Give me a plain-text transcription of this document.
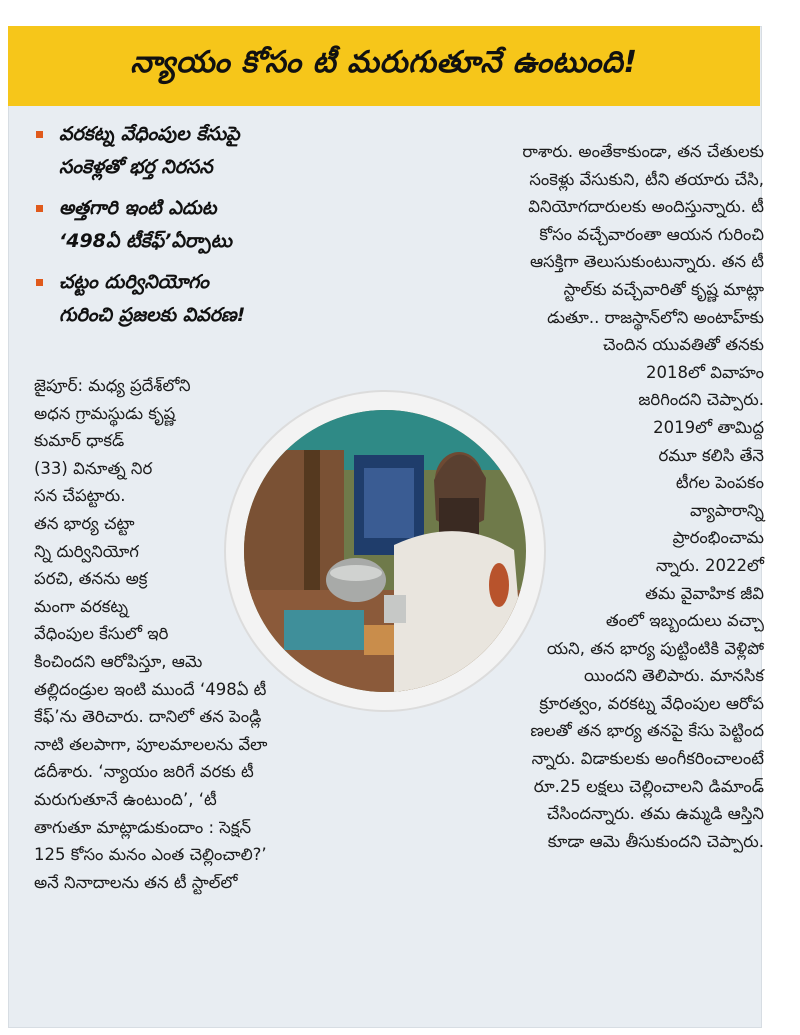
న్యాయం కోసం టీ మరుగుతూనే ఉంటుంది!
వరకట్న వేధింపుల కేసుపై
సంకెళ్లతో భర్త నిరసన
అత్తగారి ఇంటి ఎదుట
‘498ఏ టీకేఫ్’ఏర్పాటు
చట్టం దుర్వినియోగం
గురించి ప్రజలకు వివరణ!
జైపూర్: మధ్య ప్రదేశ్‌లోని
అధన గ్రామస్థుడు కృష్ణ
కుమార్ ధాకడ్
(33) వినూత్న నిర
సన చేపట్టారు.
తన భార్య చట్టా
న్ని దుర్వినియోగ
పరచి, తనను అక్ర
మంగా వరకట్న
వేధింపుల కేసులో ఇరి
కించిందని ఆరోపిస్తూ, ఆమె
తల్లిదండ్రుల ఇంటి ముందే ‘498ఏ టీ
కేఫ్’ను తెరిచారు. దానిలో తన పెండ్లి
నాటి తలపాగా, పూలమాలలను వేలా
డదీశారు. ‘న్యాయం జరిగే వరకు టీ
మరుగుతూనే ఉంటుంది’, ‘టీ
తాగుతూ మాట్లాడుకుందాం : సెక్షన్
125 కోసం మనం ఎంత చెల్లించాలి?’
అనే నినాదాలను తన టీ స్టాల్‌లో
రాశారు. అంతేకాకుండా, తన చేతులకు
సంకెళ్లు వేసుకుని, టీని తయారు చేసి,
వినియోగదారులకు అందిస్తున్నారు. టీ
కోసం వచ్చేవారంతా ఆయన గురించి
ఆసక్తిగా తెలుసుకుంటున్నారు. తన టీ
స్టాల్‌కు వచ్చేవారితో కృష్ణ మాట్లా
డుతూ.. రాజస్థాన్‌లోని అంటాహ్‌కు
చెందిన యువతితో తనకు
2018లో వివాహం
జరిగిందని చెప్పారు.
2019లో తామిద్ద
రమూ కలిసి తేనె
టీగల పెంపకం
వ్యాపారాన్ని
ప్రారంభించామ
న్నారు. 2022లో
తమ వైవాహిక జీవి
తంలో ఇబ్బందులు వచ్చా
యని, తన భార్య పుట్టింటికి వెళ్లిపో
యిందని తెలిపారు. మానసిక
క్రూరత్వం, వరకట్న వేధింపుల ఆరోప
ణలతో తన భార్య తనపై కేసు పెట్టింద
న్నారు. విడాకులకు అంగీకరించాలంటే
రూ.25 లక్షలు చెల్లించాలని డిమాండ్
చేసిందన్నారు. తమ ఉమ్మడి ఆస్తిని
కూడా ఆమె తీసుకుందని చెప్పారు.
